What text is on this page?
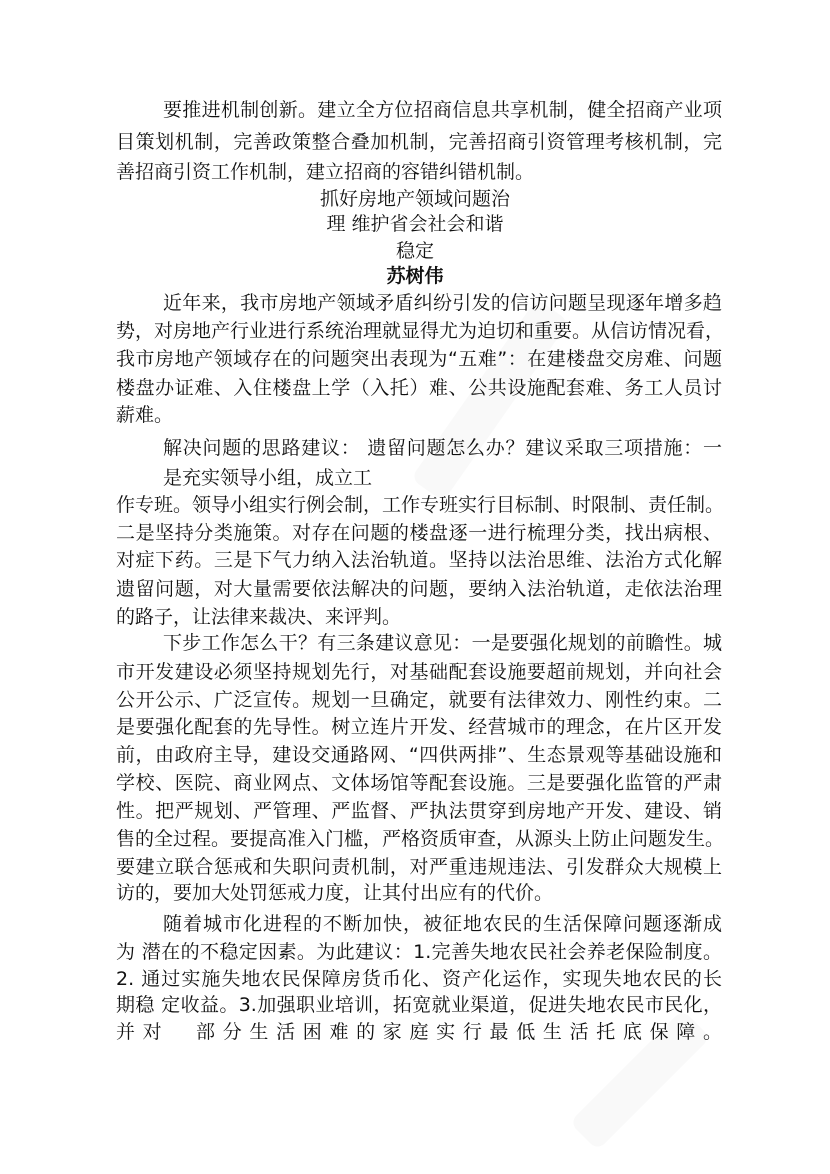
要推进机制创新。建立全方位招商信息共享机制，健全招商产业项
目策划机制，完善政策整合叠加机制，完善招商引资管理考核机制，完
善招商引资工作机制，建立招商的容错纠错机制。
抓好房地产领域问题治
理 维护省会社会和谐
稳定
苏树伟
近年来，我市房地产领域矛盾纠纷引发的信访问题呈现逐年增多趋
势，对房地产行业进行系统治理就显得尤为迫切和重要。从信访情况看，
我市房地产领域存在的问题突出表现为“五难”：在建楼盘交房难、问题
楼盘办证难、入住楼盘上学（入托）难、公共设施配套难、务工人员讨
薪难。
解决问题的思路建议： 遗留问题怎么办？建议采取三项措施：一
是充实领导小组，成立工
作专班。领导小组实行例会制，工作专班实行目标制、时限制、责任制。
二是坚持分类施策。对存在问题的楼盘逐一进行梳理分类，找出病根、
对症下药。三是下气力纳入法治轨道。坚持以法治思维、法治方式化解
遗留问题，对大量需要依法解决的问题，要纳入法治轨道，走依法治理
的路子，让法律来裁决、来评判。
下步工作怎么干？有三条建议意见：一是要强化规划的前瞻性。城
市开发建设必须坚持规划先行，对基础配套设施要超前规划，并向社会
公开公示、广泛宣传。规划一旦确定，就要有法律效力、刚性约束。二
是要强化配套的先导性。树立连片开发、经营城市的理念，在片区开发
前，由政府主导，建设交通路网、“四供两排”、生态景观等基础设施和
学校、医院、商业网点、文体场馆等配套设施。三是要强化监管的严肃
性。把严规划、严管理、严监督、严执法贯穿到房地产开发、建设、销
售的全过程。要提高准入门槛，严格资质审查，从源头上防止问题发生。
要建立联合惩戒和失职问责机制，对严重违规违法、引发群众大规模上
访的，要加大处罚惩戒力度，让其付出应有的代价。
随着城市化进程的不断加快，被征地农民的生活保障问题逐渐成
为 潜在的不稳定因素。为此建议：1.完善失地农民社会养老保险制度。
2. 通过实施失地农民保障房货币化、资产化运作，实现失地农民的长
期稳 定收益。3.加强职业培训，拓宽就业渠道，促进失地农民市民化，
并对　部分生活困难的家庭实行最低生活托底保障。
